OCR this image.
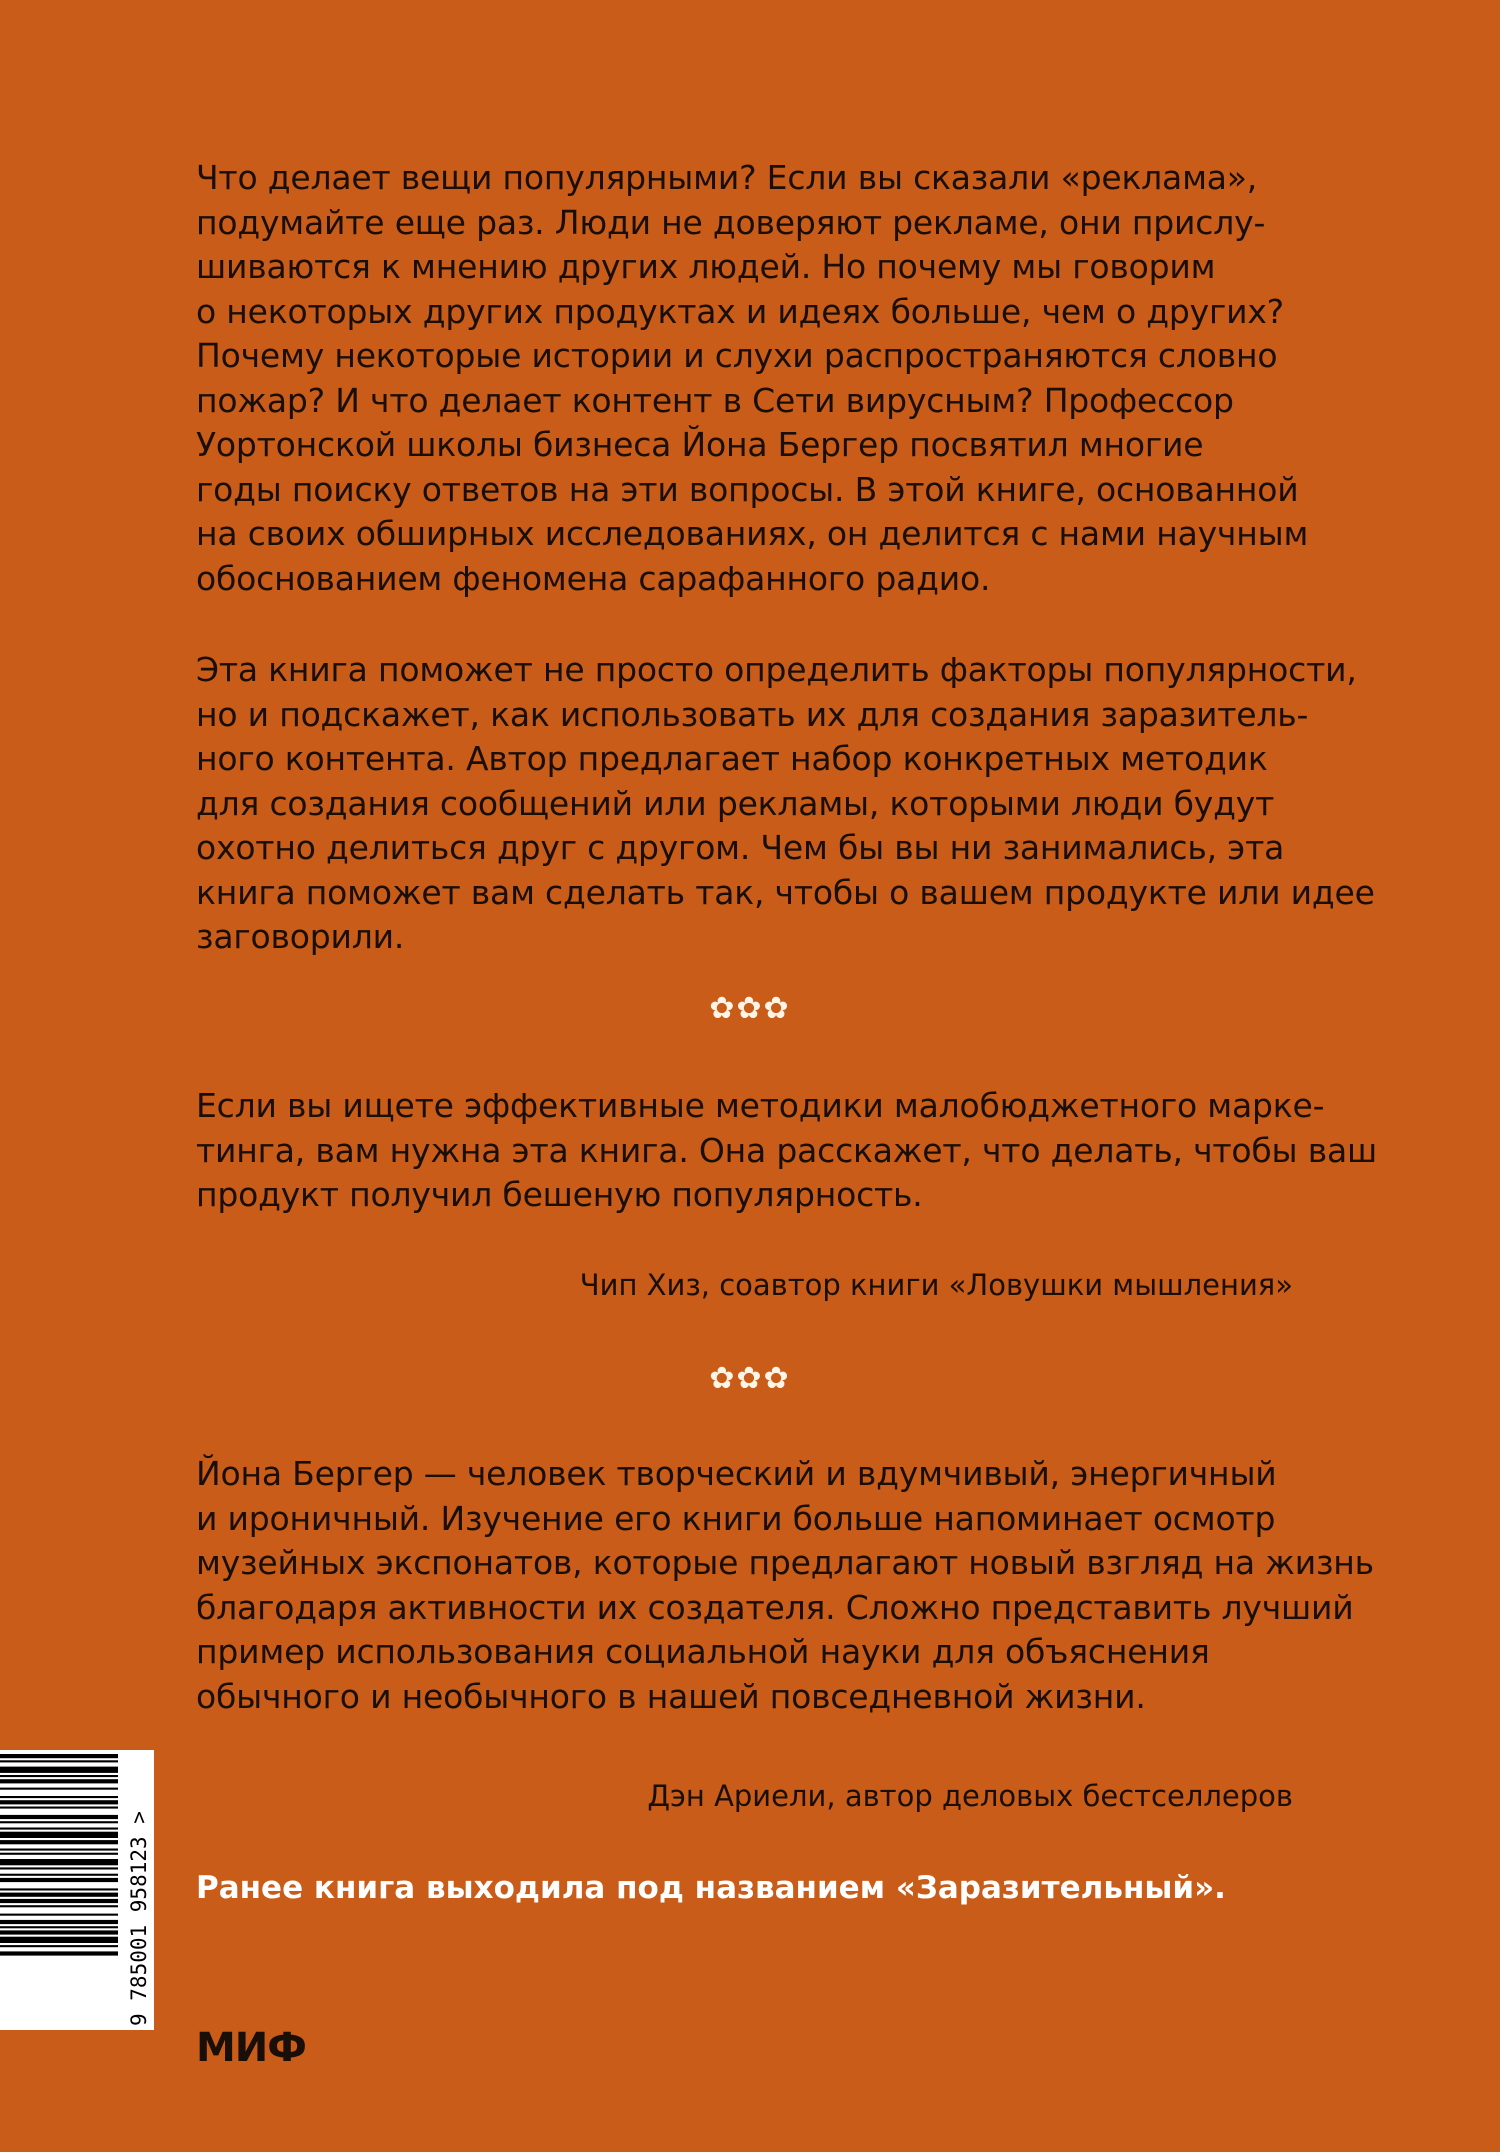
Что делает вещи популярными? Если вы сказали «реклама»,
подумайте еще раз. Люди не доверяют рекламе, они прислу-
шиваются к мнению других людей. Но почему мы говорим
о некоторых других продуктах и идеях больше, чем о других?
Почему некоторые истории и слухи распространяются словно
пожар? И что делает контент в Сети вирусным? Профессор
Уортонской школы бизнеса Йона Бергер посвятил многие
годы поиску ответов на эти вопросы. В этой книге, основанной
на своих обширных исследованиях, он делится с нами научным
обоснованием феномена сарафанного радио.
Эта книга поможет не просто определить факторы популярности,
но и подскажет, как использовать их для создания заразитель-
ного контента. Автор предлагает набор конкретных методик
для создания сообщений или рекламы, которыми люди будут
охотно делиться друг с другом. Чем бы вы ни занимались, эта
книга поможет вам сделать так, чтобы о вашем продукте или идее
заговорили.
✿✿✿
Если вы ищете эффективные методики малобюджетного марке-
тинга, вам нужна эта книга. Она расскажет, что делать, чтобы ваш
продукт получил бешеную популярность.
Чип Хиз, соавтор книги «Ловушки мышления»
✿✿✿
Йона Бергер — человек творческий и вдумчивый, энергичный
и ироничный. Изучение его книги больше напоминает осмотр
музейных экспонатов, которые предлагают новый взгляд на жизнь
благодаря активности их создателя. Сложно представить лучший
пример использования социальной науки для объяснения
обычного и необычного в нашей повседневной жизни.
Дэн Ариели, автор деловых бестселлеров
Ранее книга выходила под названием «Заразительный».
МИФ
9 785001 958123 >
